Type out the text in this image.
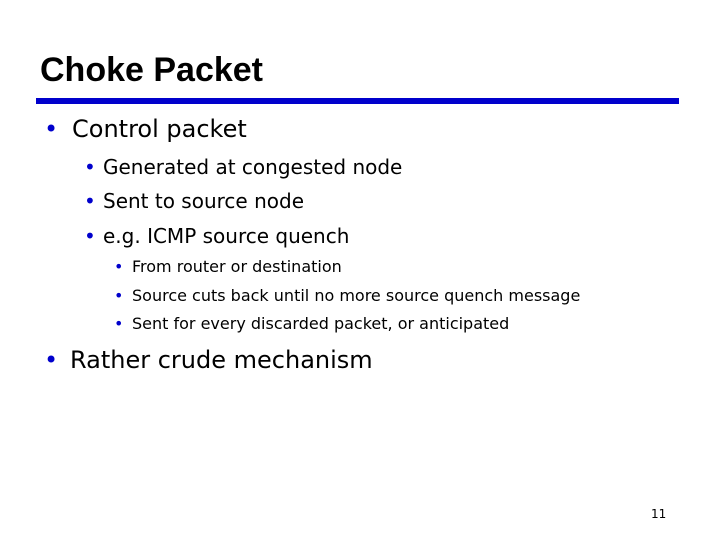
Choke Packet
• Control packet
• Generated at congested node
• Sent to source node
• e.g. ICMP source quench
• From router or destination
• Source cuts back until no more source quench message
• Sent for every discarded packet, or anticipated
• Rather crude mechanism
11
